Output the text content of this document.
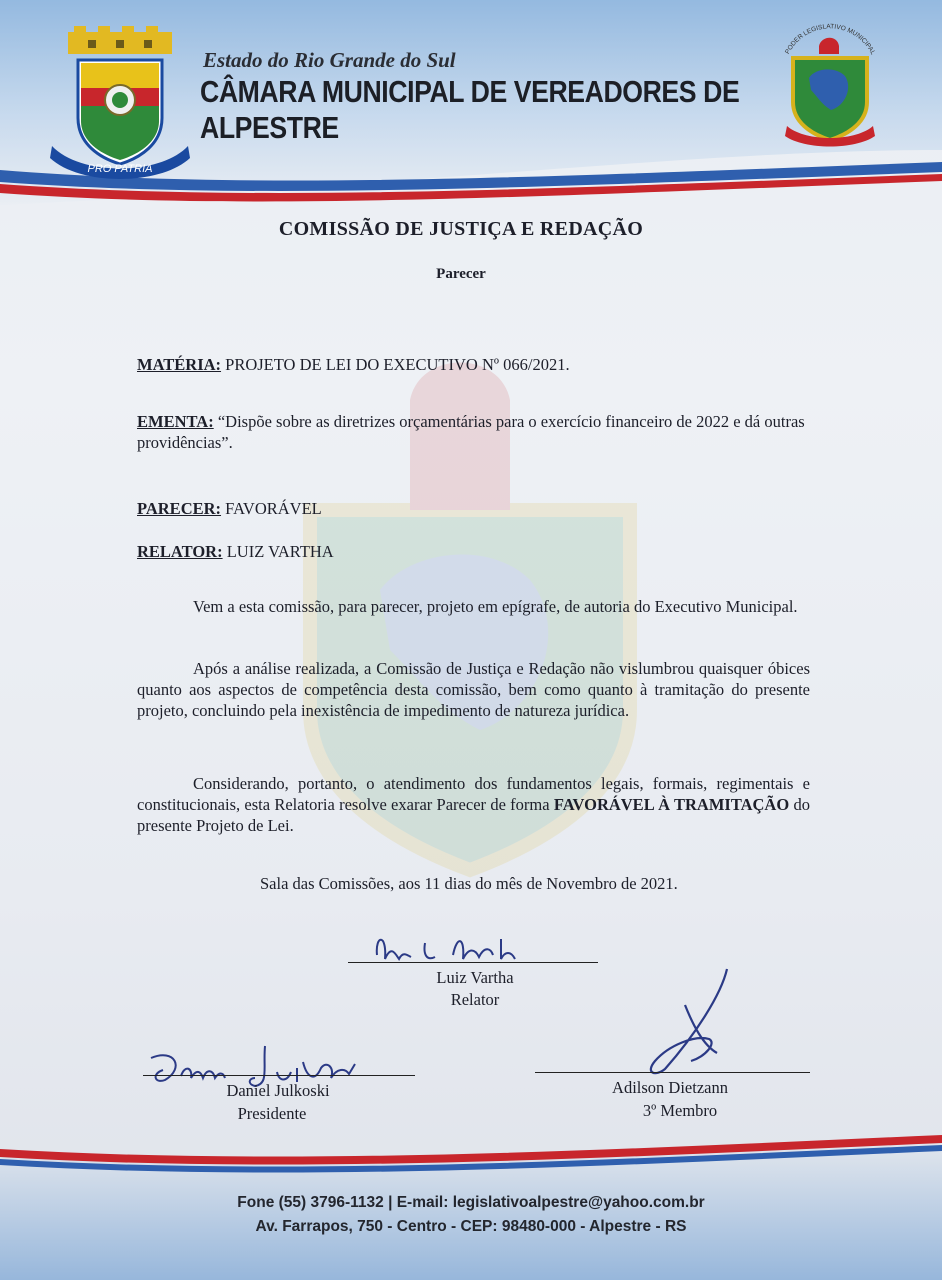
PRO PATRIA
Estado do Rio Grande do Sul
CÂMARA MUNICIPAL DE VEREADORES DE ALPESTRE
PODER LEGISLATIVO MUNICIPAL
COMISSÃO DE JUSTIÇA E REDAÇÃO
Parecer
MATÉRIA: PROJETO DE LEI DO EXECUTIVO Nº 066/2021.
EMENTA: “Dispõe sobre as diretrizes orçamentárias para o exercício financeiro de 2022 e dá outras providências”.
PARECER: FAVORÁVEL
RELATOR: LUIZ VARTHA
Vem a esta comissão, para parecer, projeto em epígrafe, de autoria do Executivo Municipal.
Após a análise realizada, a Comissão de Justiça e Redação não vislumbrou quaisquer óbices quanto aos aspectos de competência desta comissão, bem como quanto à tramitação do presente projeto, concluindo pela inexistência de impedimento de natureza jurídica.
Considerando, portanto, o atendimento dos fundamentos legais, formais, regimentais e constitucionais, esta Relatoria resolve exarar Parecer de forma FAVORÁVEL À TRAMITAÇÃO do presente Projeto de Lei.
Sala das Comissões, aos 11 dias do mês de Novembro de 2021.
Luiz Vartha
Relator
Daniel Julkoski
Presidente
Adilson Dietzann
3º Membro
Fone (55) 3796-1132 | E-mail: legislativoalpestre@yahoo.com.br
Av. Farrapos, 750 - Centro - CEP: 98480-000 - Alpestre - RS
